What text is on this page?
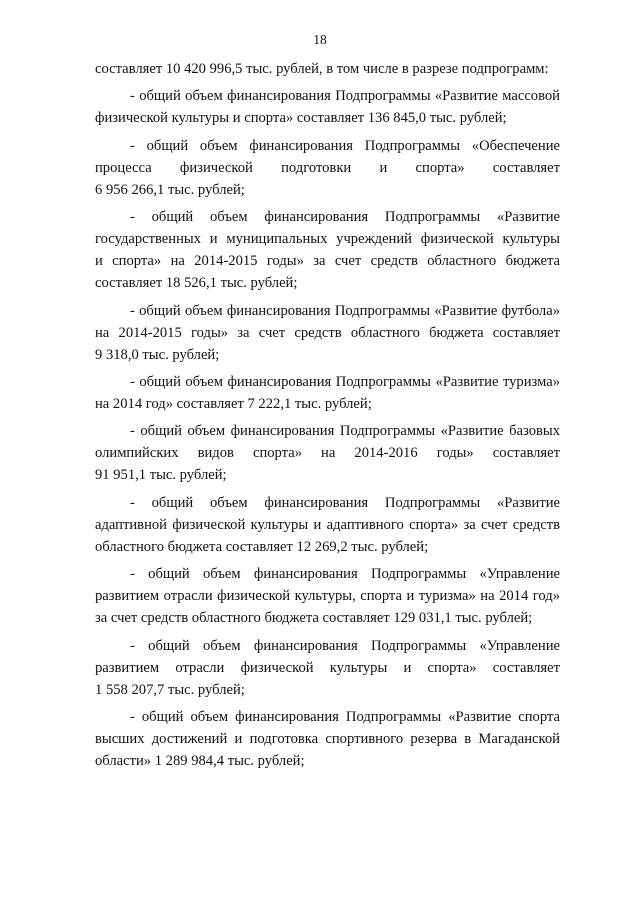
18
составляет 10 420 996,5 тыс. рублей, в том числе в разрезе подпрограмм:
- общий объем финансирования Подпрограммы «Развитие массовой
физической культуры и спорта» составляет 136 845,0 тыс. рублей;
- общий объем финансирования Подпрограммы «Обеспечение
процесса физической подготовки и спорта» составляет
6 956 266,1 тыс. рублей;
- общий объем финансирования Подпрограммы «Развитие
государственных и муниципальных учреждений физической культуры
и спорта» на 2014-2015 годы» за счет средств областного бюджета
составляет 18 526,1 тыс. рублей;
- общий объем финансирования Подпрограммы «Развитие футбола»
на 2014-2015 годы» за счет средств областного бюджета составляет
9 318,0 тыс. рублей;
- общий объем финансирования Подпрограммы «Развитие туризма»
на 2014 год» составляет 7 222,1 тыс. рублей;
- общий объем финансирования Подпрограммы «Развитие базовых
олимпийских видов спорта» на 2014-2016 годы» составляет
91 951,1 тыс. рублей;
- общий объем финансирования Подпрограммы «Развитие
адаптивной физической культуры и адаптивного спорта» за счет средств
областного бюджета составляет 12 269,2 тыс. рублей;
- общий объем финансирования Подпрограммы «Управление
развитием отрасли физической культуры, спорта и туризма» на 2014 год»
за счет средств областного бюджета составляет 129 031,1 тыс. рублей;
- общий объем финансирования Подпрограммы «Управление
развитием отрасли физической культуры и спорта» составляет
1 558 207,7 тыс. рублей;
- общий объем финансирования Подпрограммы «Развитие спорта
высших достижений и подготовка спортивного резерва в Магаданской
области» 1 289 984,4 тыс. рублей;
